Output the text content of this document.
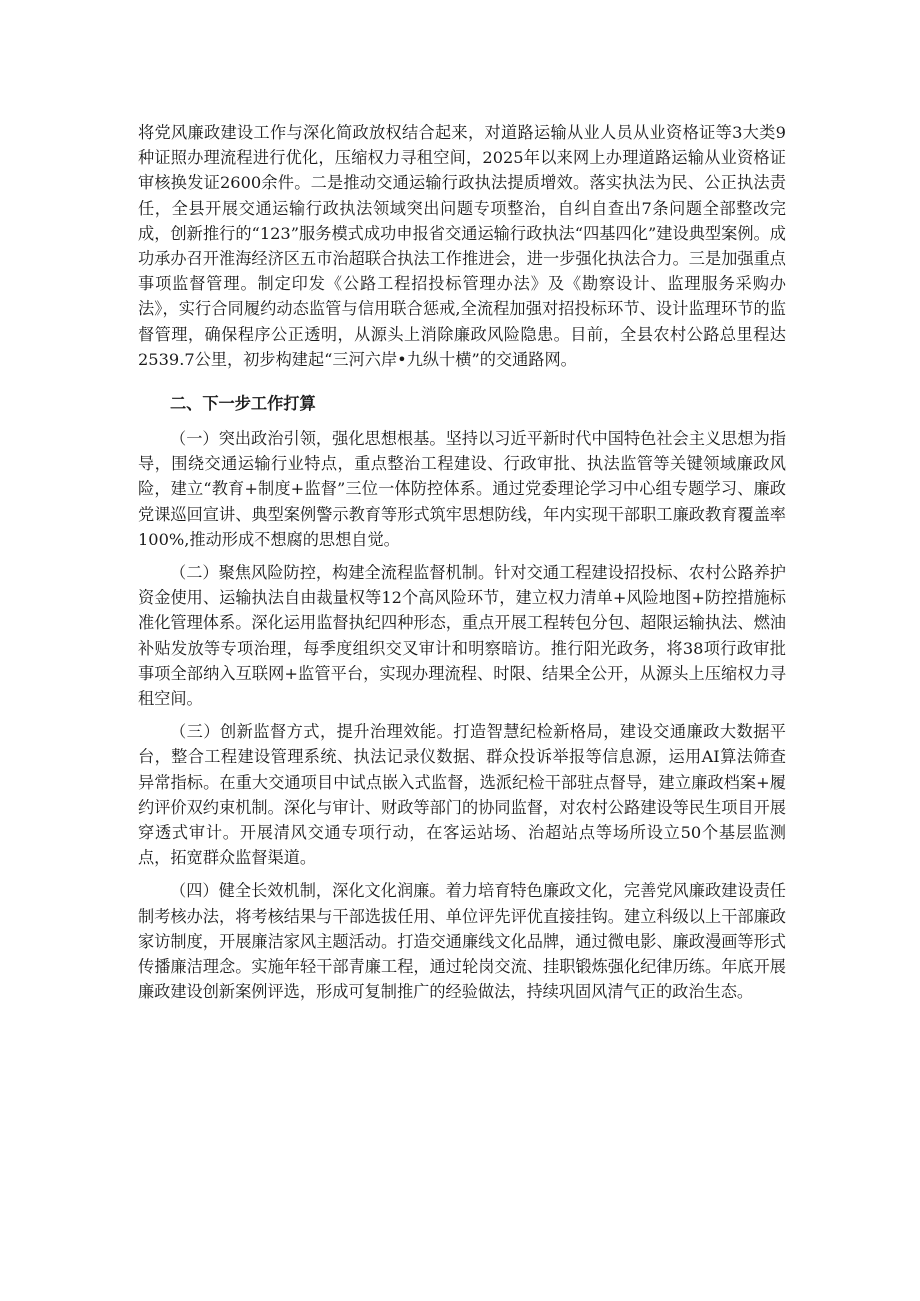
将党风廉政建设工作与深化简政放权结合起来，对道路运输从业人员从业资格证等3大类9种证照办理流程进行优化，压缩权力寻租空间，2025年以来网上办理道路运输从业资格证审核换发证2600余件。二是推动交通运输行政执法提质增效。落实执法为民、公正执法责任，全县开展交通运输行政执法领域突出问题专项整治，自纠自查出7条问题全部整改完成，创新推行的“123”服务模式成功申报省交通运输行政执法“四基四化”建设典型案例。成功承办召开淮海经济区五市治超联合执法工作推进会，进一步强化执法合力。三是加强重点事项监督管理。制定印发《公路工程招投标管理办法》及《勘察设计、监理服务采购办法》，实行合同履约动态监管与信用联合惩戒,全流程加强对招投标环节、设计监理环节的监督管理，确保程序公正透明，从源头上消除廉政风险隐患。目前，全县农村公路总里程达2539.7公里，初步构建起“三河六岸•九纵十横”的交通路网。

二、下一步工作打算

（一）突出政治引领，强化思想根基。坚持以习近平新时代中国特色社会主义思想为指导，围绕交通运输行业特点，重点整治工程建设、行政审批、执法监管等关键领域廉政风险，建立“教育+制度+监督”三位一体防控体系。通过党委理论学习中心组专题学习、廉政党课巡回宣讲、典型案例警示教育等形式筑牢思想防线，年内实现干部职工廉政教育覆盖率100%,推动形成不想腐的思想自觉。

（二）聚焦风险防控，构建全流程监督机制。针对交通工程建设招投标、农村公路养护资金使用、运输执法自由裁量权等12个高风险环节，建立权力清单+风险地图+防控措施标准化管理体系。深化运用监督执纪四种形态，重点开展工程转包分包、超限运输执法、燃油补贴发放等专项治理，每季度组织交叉审计和明察暗访。推行阳光政务，将38项行政审批事项全部纳入互联网+监管平台，实现办理流程、时限、结果全公开，从源头上压缩权力寻租空间。

（三）创新监督方式，提升治理效能。打造智慧纪检新格局，建设交通廉政大数据平台，整合工程建设管理系统、执法记录仪数据、群众投诉举报等信息源，运用AI算法筛查异常指标。在重大交通项目中试点嵌入式监督，选派纪检干部驻点督导，建立廉政档案+履约评价双约束机制。深化与审计、财政等部门的协同监督，对农村公路建设等民生项目开展穿透式审计。开展清风交通专项行动，在客运站场、治超站点等场所设立50个基层监测点，拓宽群众监督渠道。

（四）健全长效机制，深化文化润廉。着力培育特色廉政文化，完善党风廉政建设责任制考核办法，将考核结果与干部选拔任用、单位评先评优直接挂钩。建立科级以上干部廉政家访制度，开展廉洁家风主题活动。打造交通廉线文化品牌，通过微电影、廉政漫画等形式传播廉洁理念。实施年轻干部青廉工程，通过轮岗交流、挂职锻炼强化纪律历练。年底开展廉政建设创新案例评选，形成可复制推广的经验做法，持续巩固风清气正的政治生态。
